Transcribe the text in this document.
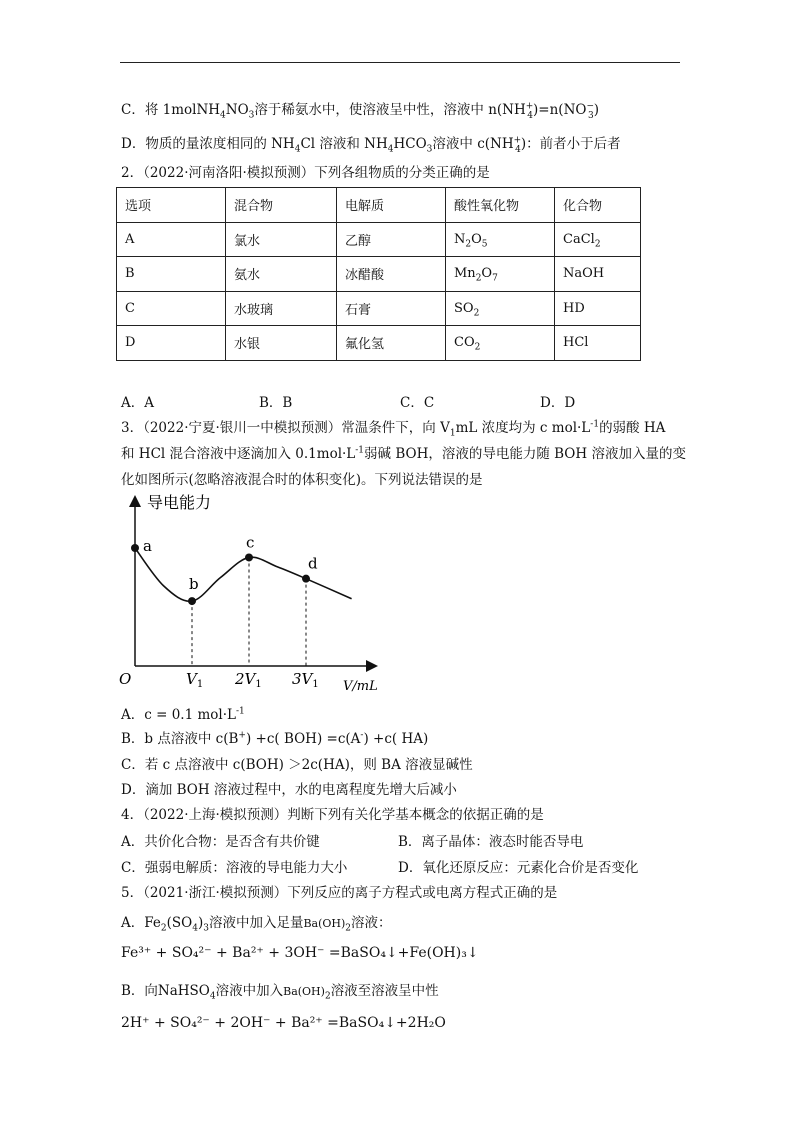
C．将 $1molNH_4NO_3$溶于稀氨水中，使溶液呈中性，溶液中 $n(NH^+_4)=n(NO^-_3)$
D．物质的量浓度相同的 $NH_4Cl$ 溶液和 $NH_4HCO_3$溶液中 $c(NH^+_4)$：前者小于后者
2．（2022·河南洛阳·模拟预测）下列各组物质的分类正确的是
选项	混合物	电解质	酸性氧化物	化合物
A	氯水	乙醇	$N_2O_5$	CaCl$_2$
B	氨水	冰醋酸	$Mn_2O_7$	NaOH
C	水玻璃	石膏	$SO_2$	HD
D	水银	氟化氢	$CO_2$	HCl
A．A	B．B	C．C	D．D
3．（2022·宁夏·银川一中模拟预测）常温条件下，向 $V_1mL$ 浓度均为 c $mol\cdot L^{-1}$的弱酸 HA
和 HCl 混合溶液中逐滴加入 $0.1mol\cdot L^{-1}$弱碱 BOH，溶液的导电能力随 BOH 溶液加入量的变
化如图所示(忽略溶液混合时的体积变化)。下列说法错误的是
导电能力
O	V/mL
a
b
c
d
$V_1$ $2V_1$ $3V_1$
A．c = 0.1 $mol\cdot L^{-1}$
B．b 点溶液中 c(B+) +c( BOH) =c(A-) +c( HA)
C．若 c 点溶液中 c(BOH) ＞2c(HA)，则 BA 溶液显碱性
D．滴加 BOH 溶液过程中，水的电离程度先增大后减小
4．（2022·上海·模拟预测）判断下列有关化学基本概念的依据正确的是
A．共价化合物：是否含有共价键	B．离子晶体：液态时能否导电
C．强弱电解质：溶液的导电能力大小	D．氧化还原反应：元素化合价是否变化
5．（2021·浙江·模拟预测）下列反应的离子方程式或电离方程式正确的是
A．$Fe_2(SO_4)_3$溶液中加入足量$Ba(OH)_2$溶液：
Fe³⁺ + SO₄²⁻ + Ba²⁺ + 3OH⁻ =BaSO₄↓+Fe(OH)₃↓
B．向NaHSO$_4$溶液中加入$Ba(OH)_2$溶液至溶液呈中性
2H⁺ + SO₄²⁻ + 2OH⁻ + Ba²⁺ =BaSO₄↓+2H₂O
